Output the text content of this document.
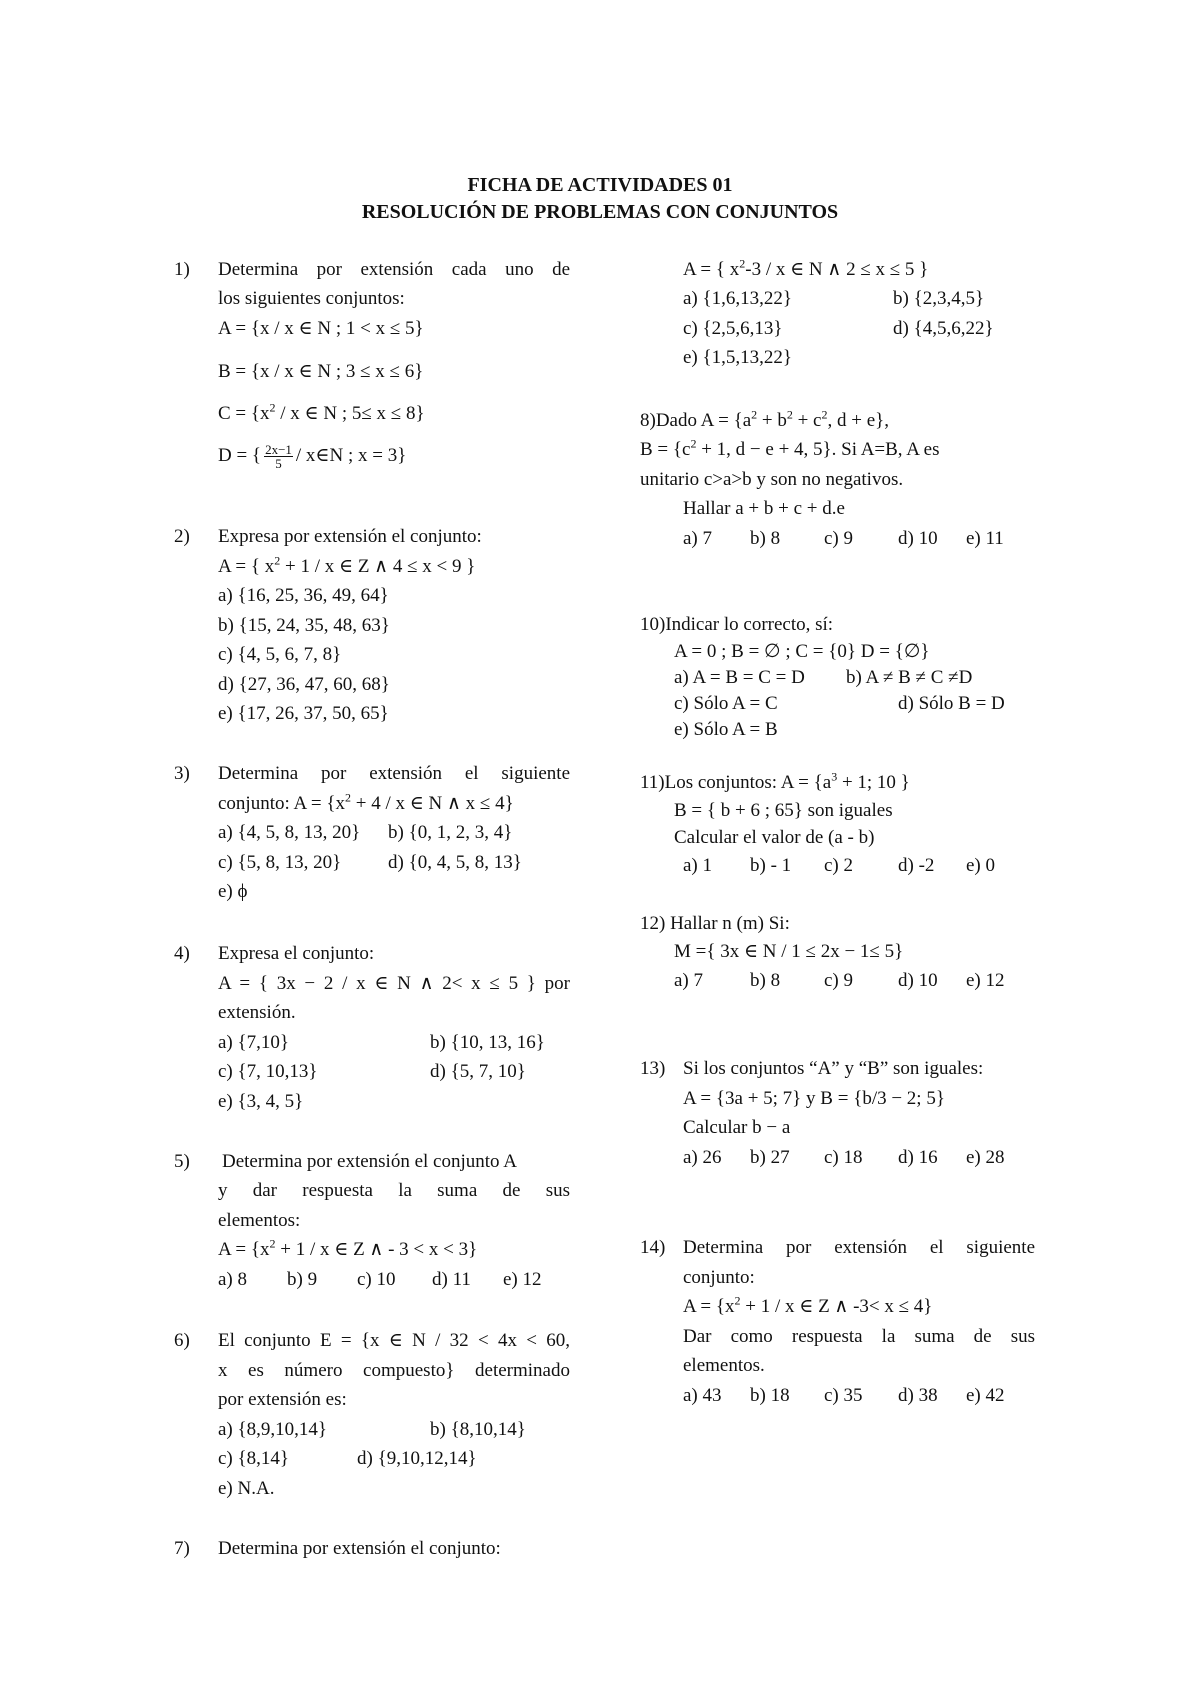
FICHA DE ACTIVIDADES 01
RESOLUCIÓN DE PROBLEMAS CON CONJUNTOS
1) Determina por extensión cada uno de
los siguientes conjuntos:
A = {x / x ∈ N ; 1 < x ≤ 5}
B = {x / x ∈ N ; 3 ≤ x ≤ 6}
$C = \{x^2 / x$ ∈ N ; 5≤ x ≤ 8}
D = { $\frac{2x-1}{5}$ / x∈N ; x = 3}
2) Expresa por extensión el conjunto:
A = { $x^2 + 1 / x$ ∈ Z ∧ 4 ≤ x < 9 }
a) {16, 25, 36, 49, 64}
b) {15, 24, 35, 48, 63}
c) {4, 5, 6, 7, 8}
d) {27, 36, 47, 60, 68}
e) {17, 26, 37, 50, 65}
3) Determina por extensión el siguiente
conjunto: $A = \{x^2 + 4 / x$ ∈ N ∧ x ≤ 4}
a) {4, 5, 8, 13, 20} b) {0, 1, 2, 3, 4}
c) {5, 8, 13, 20} d) {0, 4, 5, 8, 13}
e) ϕ
4) Expresa el conjunto:
A = { 3x − 2 / x ∈ N ∧ 2< x ≤ 5 } por
extensión.
a) {7,10}	b) {10, 13, 16}
c) {7, 10,13}	d) {5, 7, 10}
e) {3, 4, 5}
5) Determina por extensión el conjunto A
y dar respuesta la suma de sus
elementos:
$A = \{x^2 + 1 / x$ ∈ Z ∧ - 3 < x < 3}
a) 8 b) 9 c) 10 d) 11 e) 12
6) El conjunto E = {x ∈ N / 32 < 4x < 60,
x es número compuesto} determinado
por extensión es:
a) {8,9,10,14}	b) {8,10,14}
c) {8,14}	d) {9,10,12,14}
e) N.A.
7) Determina por extensión el conjunto:
A = { $x^2-3$ / x ∈ N ∧ 2 ≤ x ≤ 5 }
a) {1,6,13,22}	b) {2,3,4,5}
c) {2,5,6,13}	d) {4,5,6,22}
e) {1,5,13,22}
8)Dado $A = \{a^2 + b^2 + c^2$, d + e},
$B = \{c^2 + 1$, d − e + 4, 5}. Si A=B, A es
unitario c>a>b y son no negativos.
Hallar a + b + c + d.e
a) 7 b) 8 c) 9 d) 10 e) 11
10)Indicar lo correcto, sí:
A = 0 ; B = ∅ ; C = {0} D = {∅}
a) A = B = C = D b) A ≠ B ≠ C ≠D
c) Sólo A = C	d) Sólo B = D
e) Sólo A = B
11)Los conjuntos: $A = \{a^3 + 1$; 10 }
B = { b + 6 ; 65} son iguales
Calcular el valor de (a - b)
a) 1 b) - 1 c) 2 d) -2 e) 0
12) Hallar n (m) Si:
M ={ 3x ∈ N / 1 ≤ 2x − 1≤ 5}
a) 7 b) 8 c) 9 d) 10 e) 12
13) Si los conjuntos “A” y “B” son iguales:
A = {3a + 5; 7} y B = {b/3 − 2; 5}
Calcular b − a
a) 26 b) 27 c) 18 d) 16 e) 28
14) Determina por extensión el siguiente
conjunto:
$A = \{x^2 + 1 / x$ ∈ Z ∧ -3< x ≤ 4}
Dar como respuesta la suma de sus
elementos.
a) 43 b) 18 c) 35 d) 38 e) 42
